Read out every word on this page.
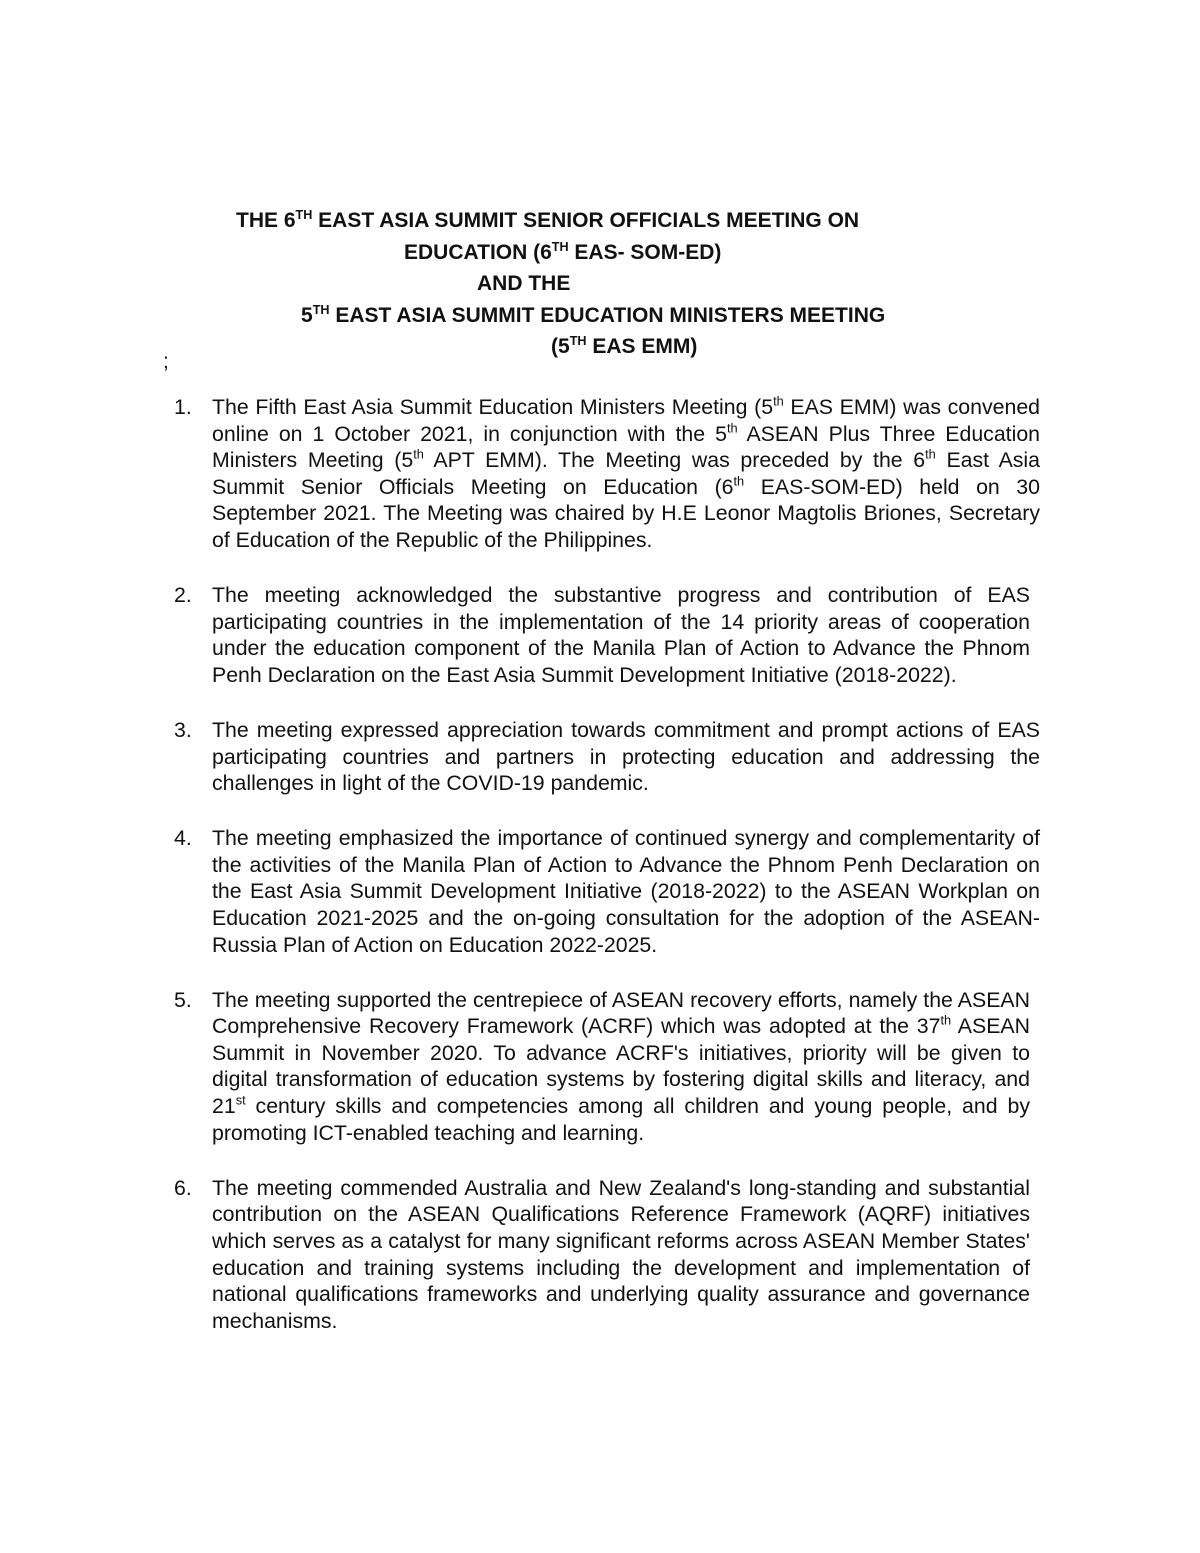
THE 6TH EAST ASIA SUMMIT SENIOR OFFICIALS MEETING ON
EDUCATION (6TH EAS- SOM-ED)
AND THE
5TH EAST ASIA SUMMIT EDUCATION MINISTERS MEETING
(5TH EAS EMM)
;
1. The Fifth East Asia Summit Education Ministers Meeting (5th EAS EMM) was convened online on 1 October 2021, in conjunction with the 5th ASEAN Plus Three Education Ministers Meeting (5th APT EMM). The Meeting was preceded by the 6th East Asia Summit Senior Officials Meeting on Education (6th EAS-SOM-ED) held on 30 September 2021. The Meeting was chaired by H.E Leonor Magtolis Briones, Secretary of Education of the Republic of the Philippines.
2. The meeting acknowledged the substantive progress and contribution of EAS participating countries in the implementation of the 14 priority areas of cooperation under the education component of the Manila Plan of Action to Advance the Phnom Penh Declaration on the East Asia Summit Development Initiative (2018-2022).
3. The meeting expressed appreciation towards commitment and prompt actions of EAS participating countries and partners in protecting education and addressing the challenges in light of the COVID-19 pandemic.
4. The meeting emphasized the importance of continued synergy and complementarity of the activities of the Manila Plan of Action to Advance the Phnom Penh Declaration on the East Asia Summit Development Initiative (2018-2022) to the ASEAN Workplan on Education 2021-2025 and the on-going consultation for the adoption of the ASEAN-Russia Plan of Action on Education 2022-2025.
5. The meeting supported the centrepiece of ASEAN recovery efforts, namely the ASEAN Comprehensive Recovery Framework (ACRF) which was adopted at the 37th ASEAN Summit in November 2020. To advance ACRF's initiatives, priority will be given to digital transformation of education systems by fostering digital skills and literacy, and 21st century skills and competencies among all children and young people, and by promoting ICT-enabled teaching and learning.
6. The meeting commended Australia and New Zealand's long-standing and substantial contribution on the ASEAN Qualifications Reference Framework (AQRF) initiatives which serves as a catalyst for many significant reforms across ASEAN Member States' education and training systems including the development and implementation of national qualifications frameworks and underlying quality assurance and governance mechanisms.
